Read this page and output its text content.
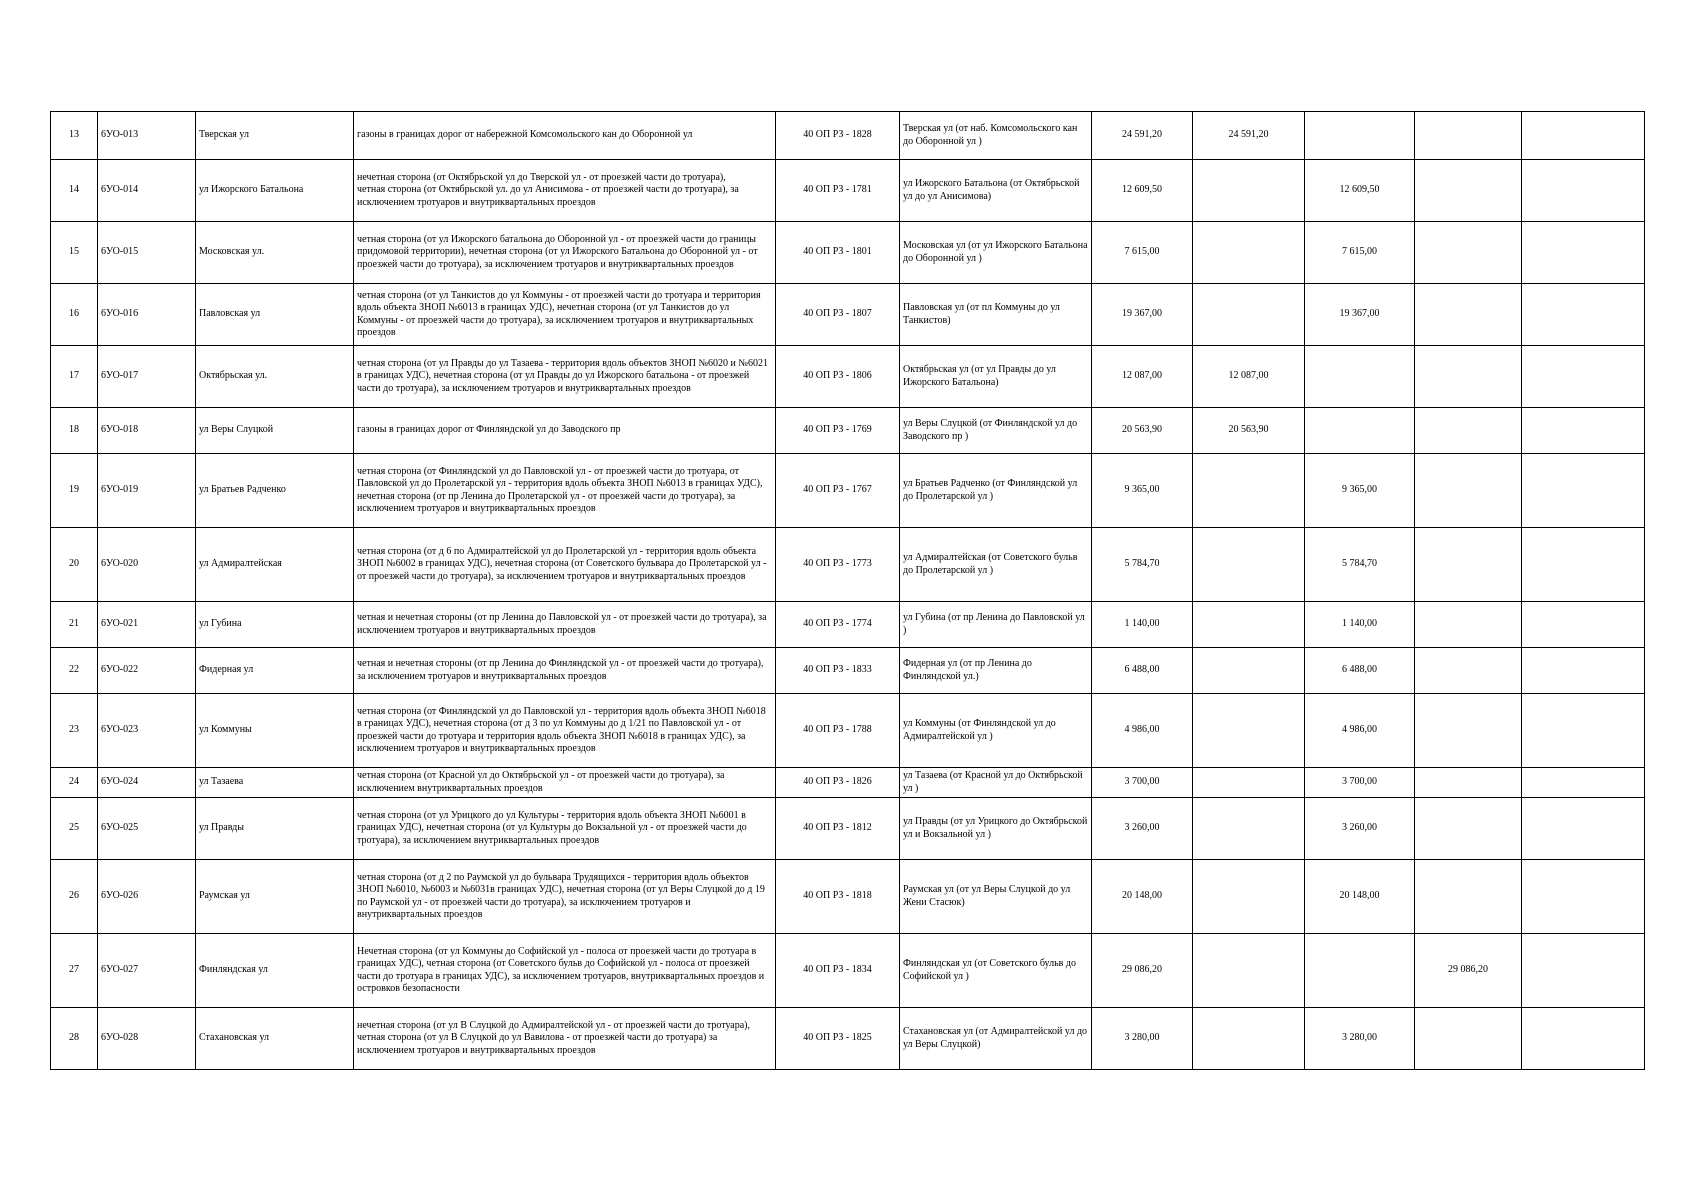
13	6УО-013	Тверская ул	газоны в границах дорог от набережной Комсомольского кан до Оборонной ул	40 ОП РЗ - 1828	Тверская ул (от наб. Комсомольского кан до Оборонной ул )	24 591,20	24 591,20			
14	6УО-014	ул Ижорского Батальона	нечетная сторона (от Октябрьской ул до Тверской ул - от проезжей части до тротуара),
четная сторона (от Октябрьской ул. до ул Анисимова - от проезжей части до тротуара), за исключением тротуаров и внутриквартальных проездов	40 ОП РЗ - 1781	ул Ижорского Батальона (от Октябрьской ул до ул Анисимова)	12 609,50		12 609,50		
15	6УО-015	Московская ул.	четная сторона (от ул Ижорского батальона до Оборонной ул - от проезжей части до границы придомовой территории), нечетная сторона (от ул Ижорского Батальона до Оборонной ул - от проезжей части до тротуара), за исключением тротуаров и внутриквартальных проездов	40 ОП РЗ - 1801	Московская ул (от ул Ижорского Батальона до Оборонной ул )	7 615,00		7 615,00		
16	6УО-016	Павловская ул	четная сторона (от ул Танкистов до ул Коммуны - от проезжей части до тротуара и территория вдоль объекта ЗНОП №6013 в границах УДС), нечетная сторона (от ул Танкистов до ул Коммуны - от проезжей части до тротуара), за исключением тротуаров и внутриквартальных проездов	40 ОП РЗ - 1807	Павловская ул (от пл Коммуны до ул Танкистов)	19 367,00		19 367,00		
17	6УО-017	Октябрьская ул.	четная сторона (от ул Правды до ул Тазаева - территория вдоль объектов ЗНОП №6020 и №6021 в границах УДС), нечетная сторона (от ул Правды до ул Ижорского батальона - от проезжей части до тротуара), за исключением тротуаров и внутриквартальных проездов	40 ОП РЗ - 1806	Октябрьская ул (от ул Правды до ул Ижорского Батальона)	12 087,00	12 087,00			
18	6УО-018	ул Веры Слуцкой	газоны в границах дорог от Финляндской ул до Заводского пр	40 ОП РЗ - 1769	ул Веры Слуцкой (от Финляндской ул до Заводского пр )	20 563,90	20 563,90			
19	6УО-019	ул Братьев Радченко	четная сторона (от Финляндской ул до Павловской ул - от проезжей части до тротуара, от Павловской ул до Пролетарской ул - территория вдоль объекта ЗНОП №6013 в границах УДС), нечетная сторона (от пр Ленина до Пролетарской ул - от проезжей части до тротуара), за исключением тротуаров и внутриквартальных проездов	40 ОП РЗ - 1767	ул Братьев Радченко (от Финляндской ул до Пролетарской ул )	9 365,00		9 365,00		
20	6УО-020	ул Адмиралтейская	четная сторона (от д 6 по Адмиралтейской ул до Пролетарской ул - территория вдоль объекта ЗНОП №6002 в границах УДС), нечетная сторона (от Советского бульвара до Пролетарской ул - от проезжей части до тротуара), за исключением тротуаров и внутриквартальных проездов	40 ОП РЗ - 1773	ул Адмиралтейская (от Советского бульв до Пролетарской ул )	5 784,70		5 784,70		
21	6УО-021	ул Губина	четная и нечетная стороны (от пр Ленина до Павловской ул - от проезжей части до тротуара), за исключением тротуаров и внутриквартальных проездов	40 ОП РЗ - 1774	ул Губина (от пр Ленина до Павловской ул )	1 140,00		1 140,00		
22	6УО-022	Фидерная ул	четная и нечетная стороны (от пр Ленина до Финляндской ул - от проезжей части до тротуара), за исключением тротуаров и внутриквартальных проездов	40 ОП РЗ - 1833	Фидерная ул (от пр Ленина до Финляндской ул.)	6 488,00		6 488,00		
23	6УО-023	ул Коммуны	четная сторона (от Финляндской ул до Павловской ул - территория вдоль объекта ЗНОП №6018 в границах УДС), нечетная сторона (от д 3 по ул Коммуны до д 1/21 по Павловской ул - от проезжей части до тротуара и территория вдоль объекта ЗНОП №6018 в границах УДС), за исключением тротуаров и внутриквартальных проездов	40 ОП РЗ - 1788	ул Коммуны (от Финляндской ул до Адмиралтейской ул )	4 986,00		4 986,00		
24	6УО-024	ул Тазаева	четная сторона (от Красной ул до Октябрьской ул - от проезжей части до тротуара), за исключением внутриквартальных проездов	40 ОП РЗ - 1826	ул Тазаева (от Красной ул до Октябрьской ул )	3 700,00		3 700,00		
25	6УО-025	ул Правды	четная сторона (от ул Урицкого до ул Культуры - территория вдоль объекта ЗНОП №6001 в границах УДС), нечетная сторона (от ул Культуры до Вокзальной ул - от проезжей части до тротуара), за исключением внутриквартальных проездов	40 ОП РЗ - 1812	ул Правды (от ул Урицкого до Октябрьской ул и Вокзальной ул )	3 260,00		3 260,00		
26	6УО-026	Раумская ул	четная сторона (от д 2 по Раумской ул до бульвара Трудящихся - территория вдоль объектов ЗНОП №6010, №6003 и №6031в границах УДС), нечетная сторона (от ул Веры Слуцкой до д 19 по Раумской ул - от проезжей части до тротуара), за исключением тротуаров и внутриквартальных проездов	40 ОП РЗ - 1818	Раумская ул (от ул Веры Слуцкой до ул Жени Стасюк)	20 148,00		20 148,00		
27	6УО-027	Финляндская ул	Нечетная сторона (от ул Коммуны до Софийской ул - полоса от проезжей части до тротуара в границах УДС), четная сторона (от Советского бульв до Софийской ул - полоса от проезжей части до тротуара в границах УДС), за исключением тротуаров, внутриквартальных проездов и островков безопасности	40 ОП РЗ - 1834	Финляндская ул (от Советского бульв до Софийской ул )	29 086,20			29 086,20	
28	6УО-028	Стахановская ул	нечетная сторона (от ул В Слуцкой до Адмиралтейской ул - от проезжей части до тротуара),
четная сторона (от ул В Слуцкой до ул Вавилова - от проезжей части до тротуара) за исключением тротуаров и внутриквартальных проездов	40 ОП РЗ - 1825	Стахановская ул (от Адмиралтейской ул до ул Веры Слуцкой)	3 280,00		3 280,00		
